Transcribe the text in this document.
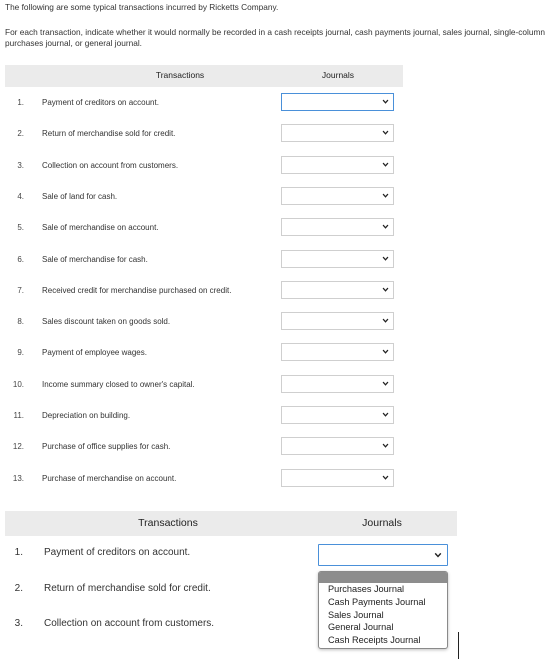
The following are some typical transactions incurred by Ricketts Company.
For each transaction, indicate whether it would normally be recorded in a cash receipts journal, cash payments journal, sales journal, single-column purchases journal, or general journal.
Transactions	Journals
1. Payment of creditors on account.
2. Return of merchandise sold for credit.
3. Collection on account from customers.
4. Sale of land for cash.
5. Sale of merchandise on account.
6. Sale of merchandise for cash.
7. Received credit for merchandise purchased on credit.
8. Sales discount taken on goods sold.
9. Payment of employee wages.
10. Income summary closed to owner's capital.
11. Depreciation on building.
12. Purchase of office supplies for cash.
13. Purchase of merchandise on account.
Transactions	Journals
1. Payment of creditors on account.
2. Return of merchandise sold for credit.
3. Collection on account from customers.
Purchases Journal
Cash Payments Journal
Sales Journal
General Journal
Cash Receipts Journal
